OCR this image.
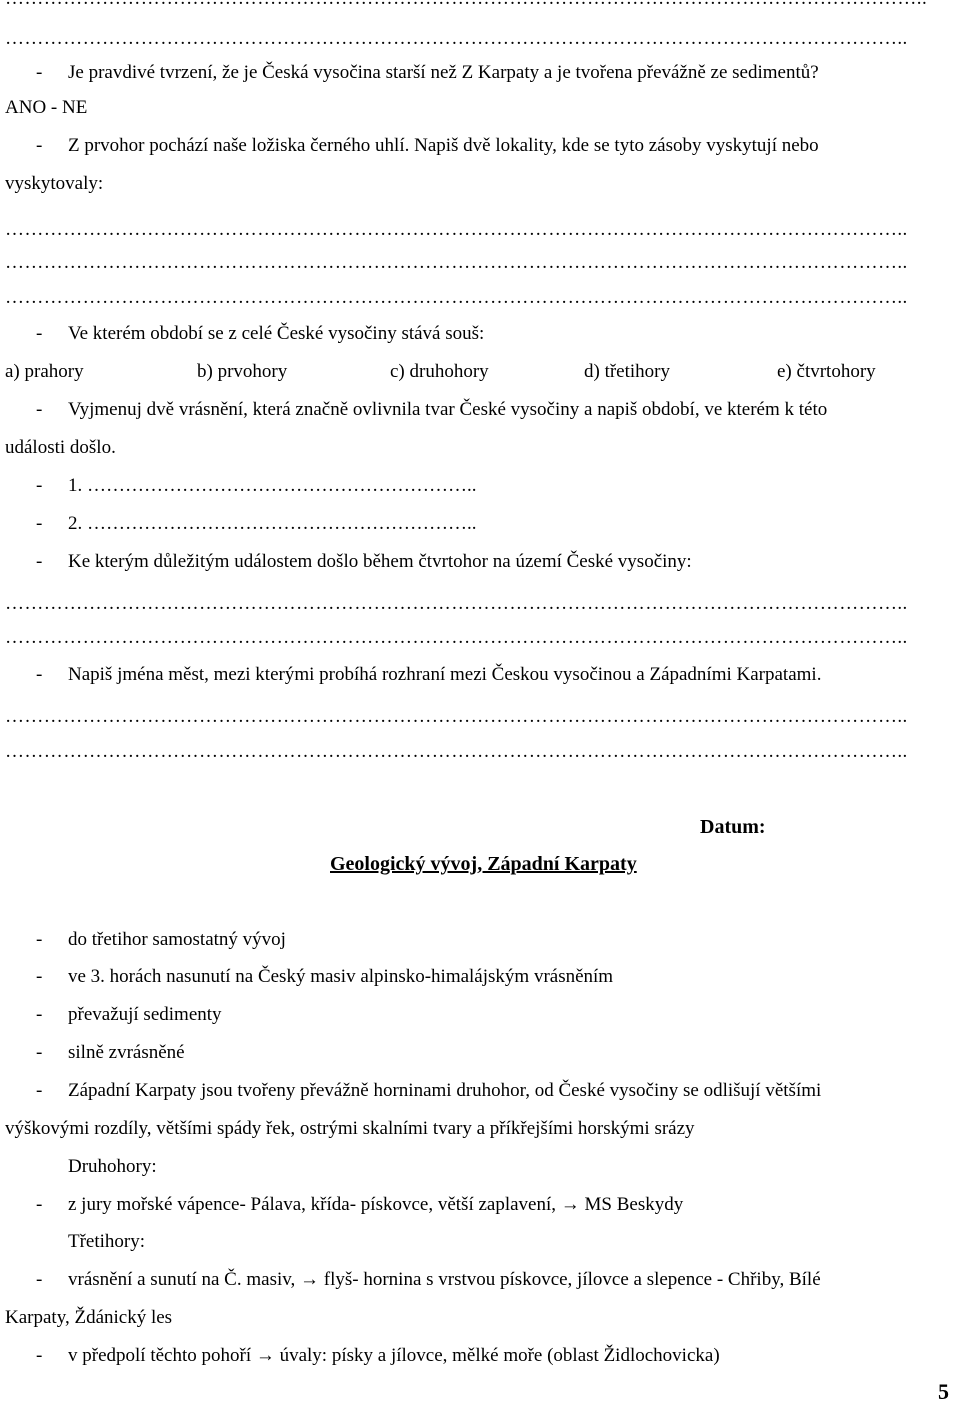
…………………………………………………………………………………………………………………………..
- Je pravdivé tvrzení, že je Česká vysočina starší než Z Karpaty a je tvořena převážně ze sedimentů?
ANO - NE
- Z prvohor pochází naše ložiska černého uhlí. Napiš dvě lokality, kde se tyto zásoby vyskytují nebo
vyskytovaly:
…………………………………………………………………………………………………………………………..
…………………………………………………………………………………………………………………………..
…………………………………………………………………………………………………………………………..
- Ve kterém období se z celé České vysočiny stává souš:
a) prahory	b) prvohory	c) druhohory	d) třetihory	e) čtvrtohory
- Vyjmenuj dvě vrásnění, která značně ovlivnila tvar České vysočiny a napiš období, ve kterém k této
události došlo.
- 1. ……………………………………………………..
- 2. ……………………………………………………..
- Ke kterým důležitým událostem došlo během čtvrtohor na území České vysočiny:
…………………………………………………………………………………………………………………………..
…………………………………………………………………………………………………………………………..
- Napiš jména měst, mezi kterými probíhá rozhraní mezi Českou vysočinou a Západními Karpatami.
…………………………………………………………………………………………………………………………..
…………………………………………………………………………………………………………………………..
Datum:
Geologický vývoj, Západní Karpaty
- do třetihor samostatný vývoj
- ve 3. horách nasunutí na Český masiv alpinsko-himalájským vrásněním
- převažují sedimenty
- silně zvrásněné
- Západní Karpaty jsou tvořeny převážně horninami druhohor, od České vysočiny se odlišují většími
výškovými rozdíly, většími spády řek, ostrými skalními tvary a příkřejšími horskými srázy
Druhohory:
- z jury mořské vápence- Pálava, křída- pískovce, větší zaplavení, → MS Beskydy
Třetihory:
- vrásnění a sunutí na Č. masiv, → flyš- hornina s vrstvou pískovce, jílovce a slepence - Chřiby, Bílé
Karpaty, Ždánický les
- v předpolí těchto pohoří → úvaly: písky a jílovce, mělké moře (oblast Židlochovicka)
5
